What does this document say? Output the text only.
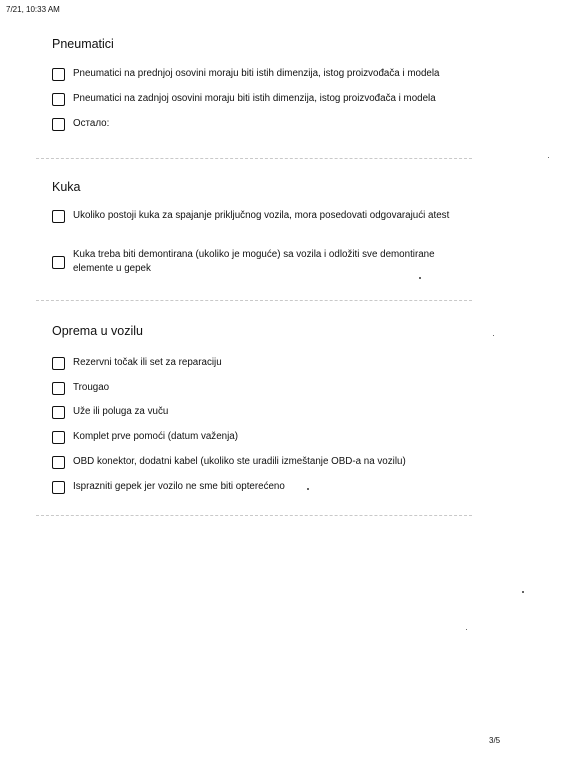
7/21, 10:33 AM
Pneumatici
Pneumatici na prednjoj osovini moraju biti istih dimenzija, istog proizvođača i modela
Pneumatici na zadnjoj osovini moraju biti istih dimenzija, istog proizvođača i modela
Остало:
Kuka
Ukoliko postoji kuka za spajanje priključnog vozila, mora posedovati odgovarajući atest
Kuka treba biti demontirana (ukoliko je moguće) sa vozila i odložiti sve demontirane elemente u gepek
Oprema u vozilu
Rezervni točak ili set za reparaciju
Trougao
Uže ili poluga za vuču
Komplet prve pomoći (datum važenja)
OBD konektor, dodatni kabel (ukoliko ste uradili izmeštanje OBD-a na vozilu)
Isprazniti gepek jer vozilo ne sme biti opterećeno
3/5
